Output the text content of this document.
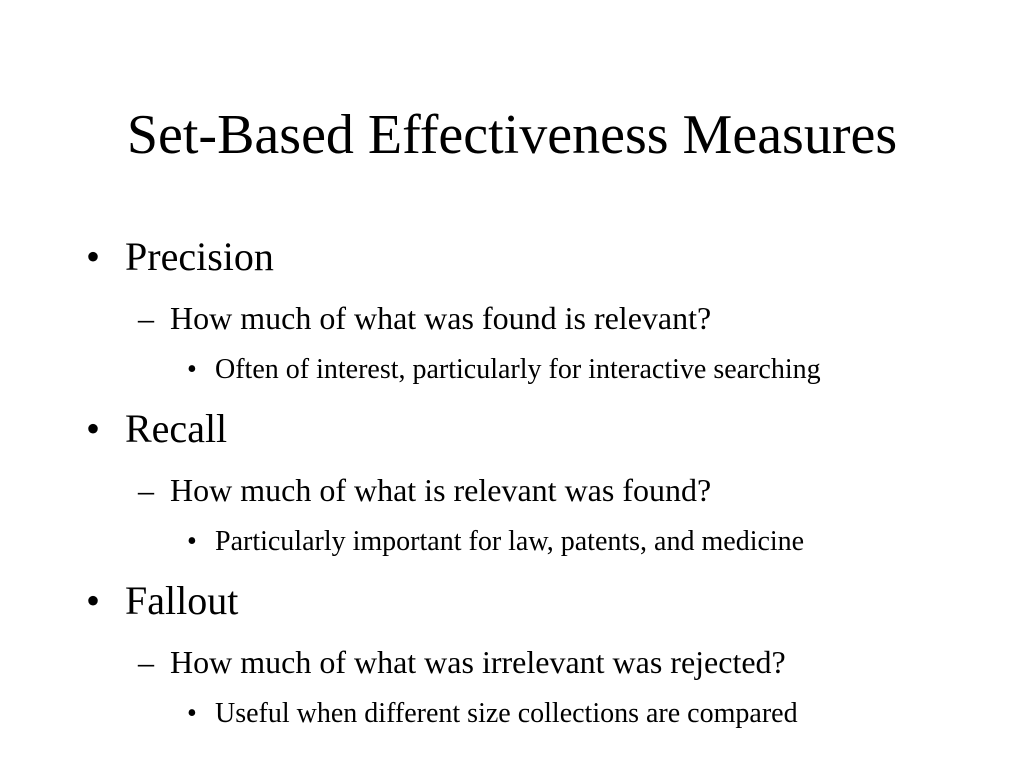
Set-Based Effectiveness Measures
• Precision
– How much of what was found is relevant?
• Often of interest, particularly for interactive searching
• Recall
– How much of what is relevant was found?
• Particularly important for law, patents, and medicine
• Fallout
– How much of what was irrelevant was rejected?
• Useful when different size collections are compared
